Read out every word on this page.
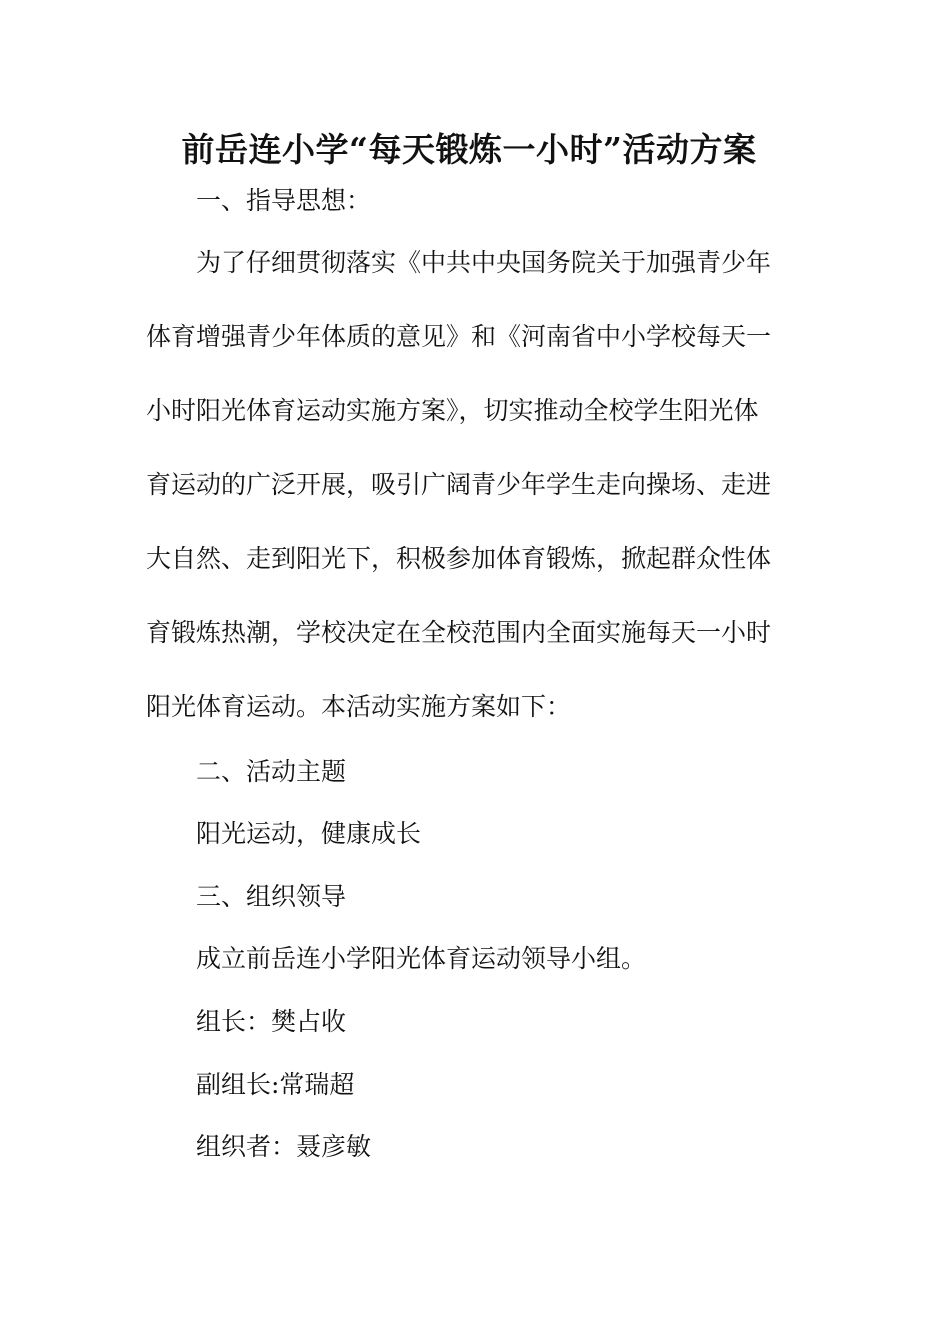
前岳连小学“每天锻炼一小时”活动方案

一、指导思想：

为了仔细贯彻落实《中共中央国务院关于加强青少年

体育增强青少年体质的意见》和《河南省中小学校每天一

小时阳光体育运动实施方案》，切实推动全校学生阳光体

育运动的广泛开展，吸引广阔青少年学生走向操场、走进

大自然、走到阳光下，积极参加体育锻炼，掀起群众性体

育锻炼热潮，学校决定在全校范围内全面实施每天一小时

阳光体育运动。本活动实施方案如下：

二、活动主题

阳光运动，健康成长

三、组织领导

成立前岳连小学阳光体育运动领导小组。

组长：樊占收

副组长:常瑞超

组织者：聂彦敏
